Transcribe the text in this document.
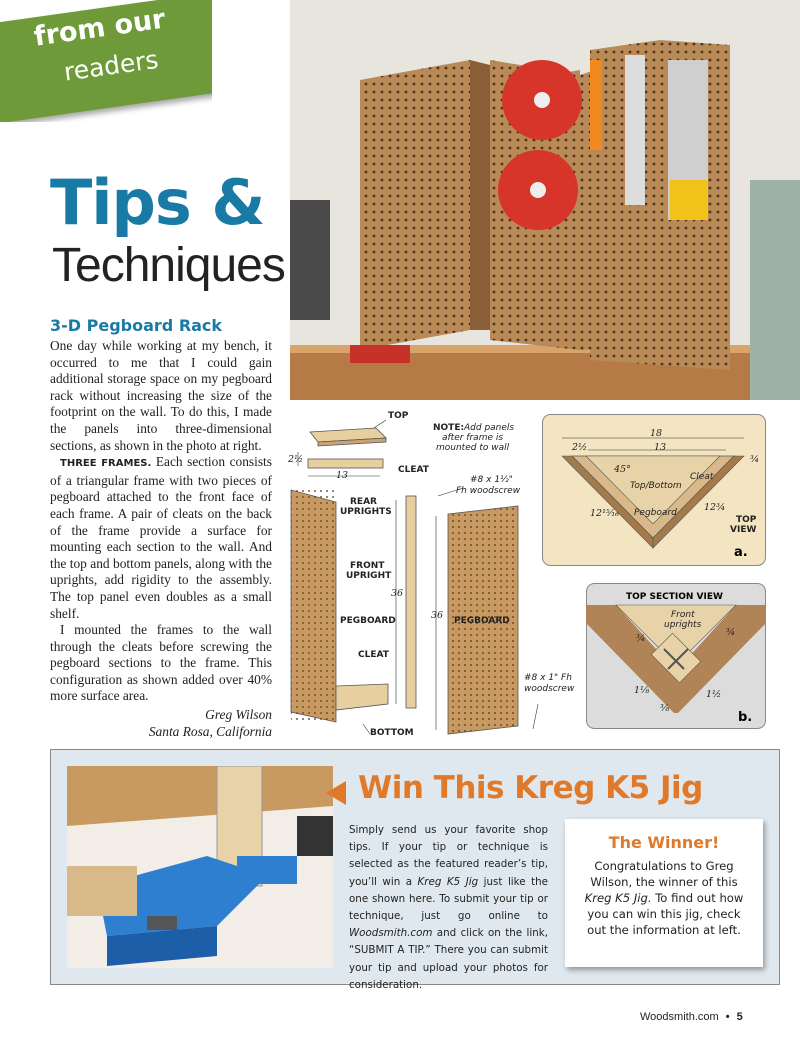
from our
readers
Tips &
Techniques
3-D Pegboard Rack

One day while working at my bench, it occurred to me that I could gain additional storage space on my pegboard rack without increasing the size of the footprint on the wall. To do this, I made the panels into three-dimensional sections, as shown in the photo at right.

THREE FRAMES. Each section consists of a triangular frame with two pieces of pegboard attached to the front face of each frame. A pair of cleats on the back of the frame provide a surface for mounting each section to the wall. And the top and bottom panels, along with the uprights, add rigidity to the assembly. The top panel even doubles as a small shelf.

I mounted the frames to the wall through the cleats before screwing the pegboard sections to the frame. This configuration as shown added over 40% more surface area.

Greg Wilson

Santa Rosa, California

TOP
CLEAT
2½
13
REAR
UPRIGHTS
FRONT
UPRIGHT
36
PEGBOARD
CLEAT
BOTTOM
36 PEGBOARD
NOTE: Add panels
after frame is
mounted to wall
#8 x 1½"
Fh woodscrew
#8 x 1" Fh
woodscrew
18
2½	13
¾
45°
Cleat
Top/Bottom
Pegboard
12¹⁵⁄₁₆
12¾
TOP
VIEW
a.
TOP SECTION VIEW
Front
uprights
¾
¾
1⅛	1½
⅜
b.
Win This Kreg K5 Jig
Simply send us your favorite shop tips. If your tip or technique is selected as the featured reader’s tip, you’ll win a Kreg K5 Jig just like the one shown here. To submit your tip or technique, just go online to Woodsmith.com and click on the link, “SUBMIT A TIP.” There you can submit your tip and upload your photos for consideration.
The Winner!
Congratulations to Greg Wilson, the winner of this Kreg K5 Jig. To find out how you can win this jig, check out the information at left.
Woodsmith.com • 5
